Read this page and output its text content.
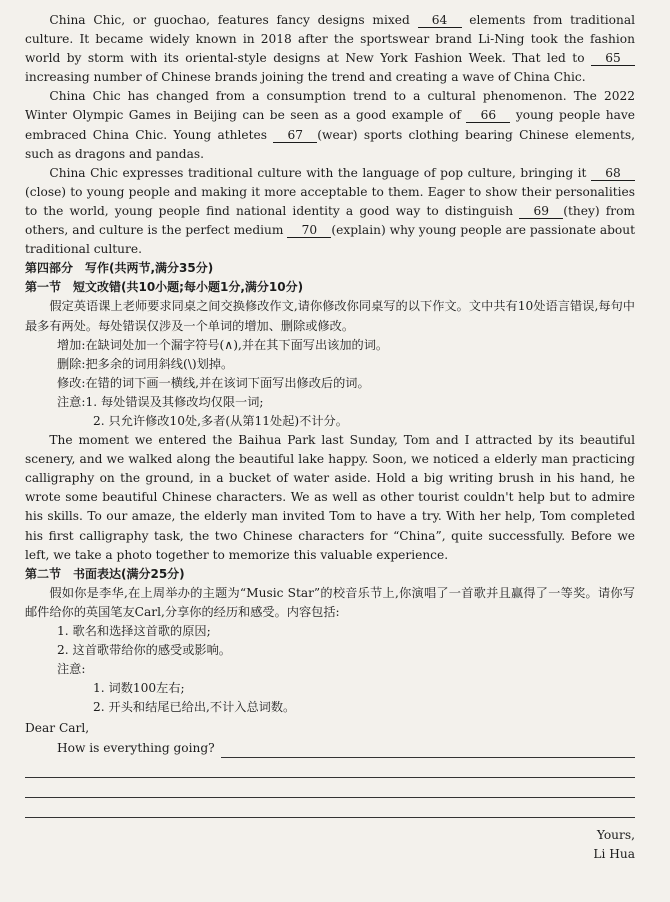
China Chic, or guochao, features fancy designs mixed 64 elements from traditional culture. It became widely known in 2018 after the sportswear brand Li-Ning took the fashion world by storm with its oriental-style designs at New York Fashion Week. That led to 65 increasing number of Chinese brands joining the trend and creating a wave of China Chic.

China Chic has changed from a consumption trend to a cultural phenomenon. The 2022 Winter Olympic Games in Beijing can be seen as a good example of 66 young people have embraced China Chic. Young athletes 67 (wear) sports clothing bearing Chinese elements, such as dragons and pandas.

China Chic expresses traditional culture with the language of pop culture, bringing it 68(close) to young people and making it more acceptable to them. Eager to show their personalities to the world, young people find national identity a good way to distinguish 69 (they) from others, and culture is the perfect medium 70 (explain) why young people are passionate about traditional culture.

第四部分　写作(共两节,满分35分)

第一节　短文改错(共10小题;每小题1分,满分10分)

假定英语课上老师要求同桌之间交换修改作文,请你修改你同桌写的以下作文。文中共有10处语言错误,每句中最多有两处。每处错误仅涉及一个单词的增加、删除或修改。

增加:在缺词处加一个漏字符号(∧),并在其下面写出该加的词。

删除:把多余的词用斜线(\)划掉。

修改:在错的词下画一横线,并在该词下面写出修改后的词。

注意:1. 每处错误及其修改均仅限一词;

2. 只允许修改10处,多者(从第11处起)不计分。

The moment we entered the Baihua Park last Sunday, Tom and I attracted by its beautiful scenery, and we walked along the beautiful lake happy. Soon, we noticed a elderly man practicing calligraphy on the ground, in a bucket of water aside. Hold a big writing brush in his hand, he wrote some beautiful Chinese characters. We as well as other tourist couldn't help but to admire his skills. To our amaze, the elderly man invited Tom to have a try. With her help, Tom completed his first calligraphy task, the two Chinese characters for “China”, quite successfully. Before we left, we take a photo together to memorize this valuable experience.

第二节　书面表达(满分25分)

假如你是李华,在上周举办的主题为“Music Star”的校音乐节上,你演唱了一首歌并且赢得了一等奖。请你写邮件给你的英国笔友Carl,分享你的经历和感受。内容包括:

1. 歌名和选择这首歌的原因;

2. 这首歌带给你的感受或影响。

注意:

1. 词数100左右;

2. 开头和结尾已给出,不计入总词数。

Dear Carl,

How is everything going?

Yours,

Li Hua
